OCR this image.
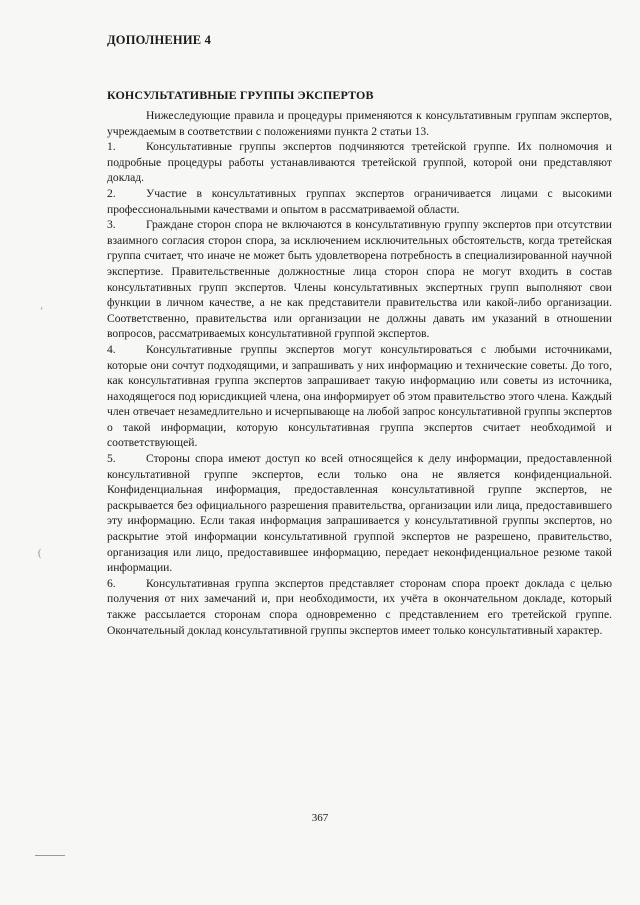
ДОПОЛНЕНИЕ 4
КОНСУЛЬТАТИВНЫЕ ГРУППЫ ЭКСПЕРТОВ

Нижеследующие правила и процедуры применяются к консультативным группам экспертов, учреждаемым в соответствии с положениями пункта 2 статьи 13.

1.	Консультативные группы экспертов подчиняются третейской группе. Их полномочия и подробные процедуры работы устанавливаются третейской группой, которой они представляют доклад.

2.	Участие в консультативных группах экспертов ограничивается лицами с высокими профессиональными качествами и опытом в рассматриваемой области.

3.	Граждане сторон спора не включаются в консультативную группу экспертов при отсутствии взаимного согласия сторон спора, за исключением исключительных обстоятельств, когда третейская группа считает, что иначе не может быть удовлетворена потребность в специализированной научной экспертизе. Правительственные должностные лица сторон спора не могут входить в состав консультативных групп экспертов. Члены консультативных экспертных групп выполняют свои функции в личном качестве, а не как представители правительства или какой-либо организации. Соответственно, правительства или организации не должны давать им указаний в отношении вопросов, рассматриваемых консультативной группой экспертов.

4.	Консультативные группы экспертов могут консультироваться с любыми источниками, которые они сочтут подходящими, и запрашивать у них информацию и технические советы. До того, как консультативная группа экспертов запрашивает такую информацию или советы из источника, находящегося под юрисдикцией члена, она информирует об этом правительство этого члена. Каждый член отвечает незамедлительно и исчерпывающе на любой запрос консультативной группы экспертов о такой информации, которую консультативная группа экспертов считает необходимой и соответствующей.

5.	Стороны спора имеют доступ ко всей относящейся к делу информации, предоставленной консультативной группе экспертов, если только она не является конфиденциальной. Конфиденциальная информация, предоставленная консультативной группе экспертов, не раскрывается без официального разрешения правительства, организации или лица, предоставившего эту информацию. Если такая информация запрашивается у консультативной группы экспертов, но раскрытие этой информации консультативной группой экспертов не разрешено, правительство, организация или лицо, предоставившее информацию, передает неконфиденциальное резюме такой информации.

6.	Консультативная группа экспертов представляет сторонам спора проект доклада с целью получения от них замечаний и, при необходимости, их учёта в окончательном докладе, который также рассылается сторонам спора одновременно с представлением его третейской группе. Окончательный доклад консультативной группы экспертов имеет только консультативный характер.

367
‘
(
